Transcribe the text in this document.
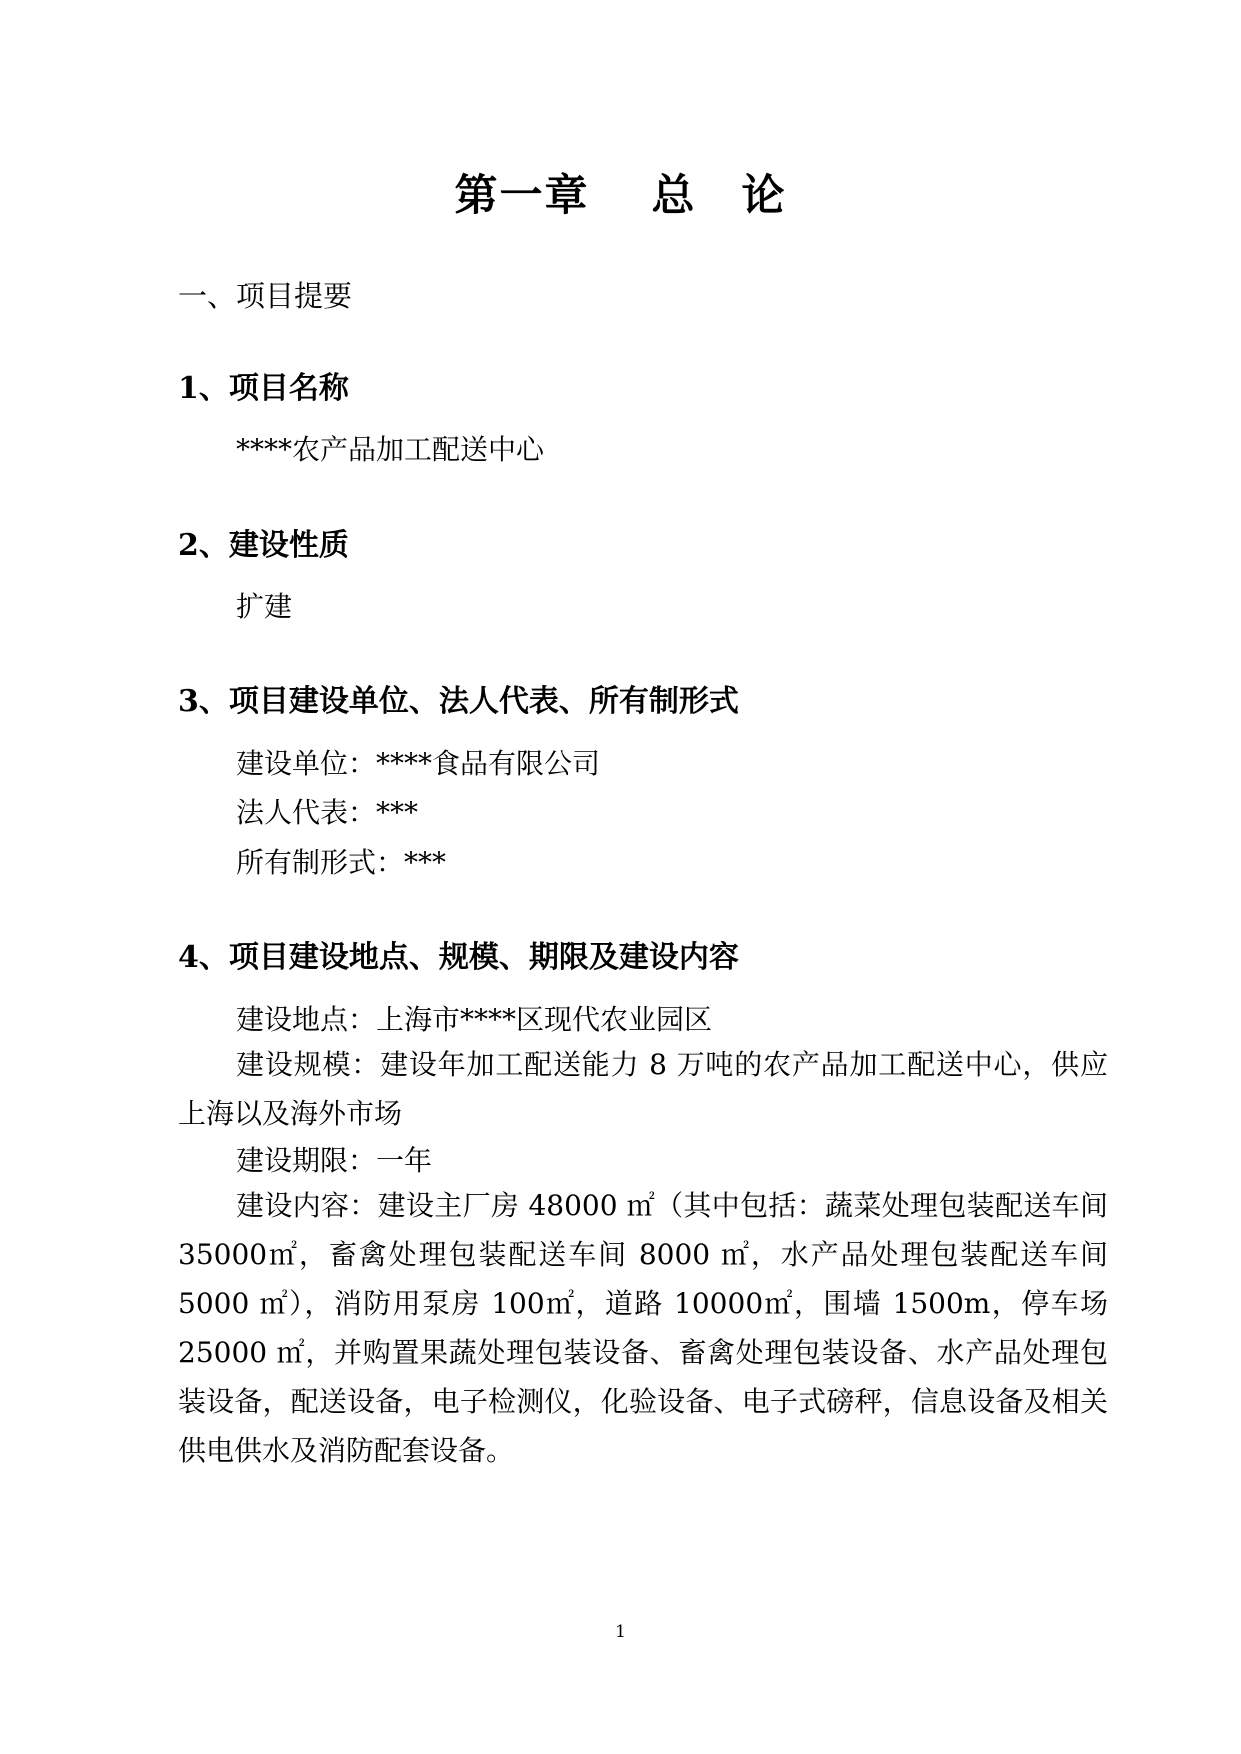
第一章　 总　论

一、项目提要

1、项目名称

****农产品加工配送中心

2、建设性质

扩建

3、项目建设单位、法人代表、所有制形式

建设单位：****食品有限公司

法人代表：***

所有制形式：***

4、项目建设地点、规模、期限及建设内容

建设地点：上海市****区现代农业园区

建设规模：建设年加工配送能力 8 万吨的农产品加工配送中心，供应上海以及海外市场

建设期限：一年

建设内容：建设主厂房 48000 ㎡（其中包括：蔬菜处理包装配送车间 35000㎡，畜禽处理包装配送车间 8000 ㎡，水产品处理包装配送车间 5000 ㎡），消防用泵房 100㎡，道路 10000㎡，围墙 1500m，停车场 25000 ㎡，并购置果蔬处理包装设备、畜禽处理包装设备、水产品处理包装设备，配送设备，电子检测仪，化验设备、电子式磅秤，信息设备及相关供电供水及消防配套设备。

1
